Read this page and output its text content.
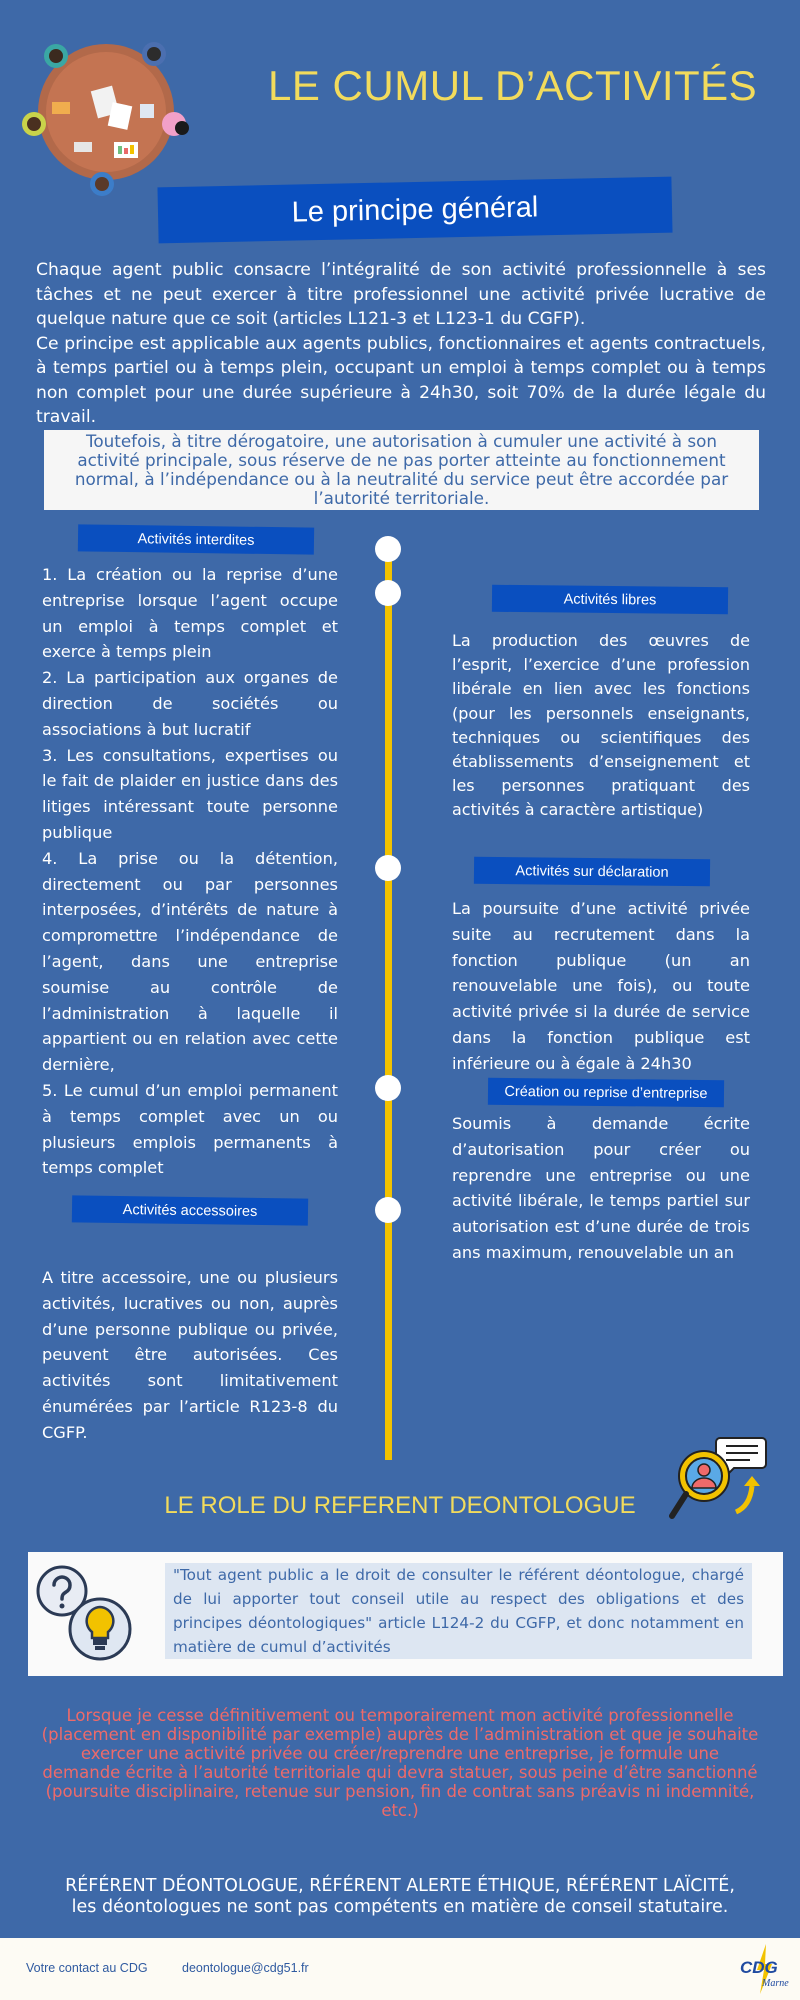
LE CUMUL D’ACTIVITÉS
Le principe général

Chaque agent public consacre l’intégralité de son activité professionnelle à ses tâches et ne peut exercer à titre professionnel une activité privée lucrative de quelque nature que ce soit (articles L121-3 et L123-1 du CGFP).

Ce principe est applicable aux agents publics, fonctionnaires et agents contractuels, à temps partiel ou à temps plein, occupant un emploi à temps complet ou à temps non complet pour une durée supérieure à 24h30, soit 70% de la durée légale du travail.

Toutefois, à titre dérogatoire, une autorisation à cumuler une activité à son activité principale, sous réserve de ne pas porter atteinte au fonctionnement normal, à l’indépendance ou à la neutralité du service peut être accordée par l’autorité territoriale.
Activités interdites

1. La création ou la reprise d’une entreprise lorsque l’agent occupe un emploi à temps complet et exerce à temps plein

2. La participation aux organes de direction de sociétés ou associations à but lucratif

3. Les consultations, expertises ou le fait de plaider en justice dans des litiges intéressant toute personne publique

4. La prise ou la détention, directement ou par personnes interposées, d’intérêts de nature à compromettre l’indépendance de l’agent, dans une entreprise soumise au contrôle de l’administration à laquelle il appartient ou en relation avec cette dernière,

5. Le cumul d’un emploi permanent à temps complet avec un ou plusieurs emplois permanents à temps complet

Activités accessoires
A titre accessoire, une ou plusieurs activités, lucratives ou non, auprès d’une personne publique ou privée, peuvent être autorisées. Ces activités sont limitativement énumérées par l’article R123-8 du CGFP.
Activités libres
La production des œuvres de l’esprit, l’exercice d’une profession libérale en lien avec les fonctions (pour les personnels enseignants, techniques ou scientifiques des établissements d’enseignement et les personnes pratiquant des activités à caractère artistique)
Activités sur déclaration
La poursuite d’une activité privée suite au recrutement dans la fonction publique (un an renouvelable une fois), ou toute activité privée si la durée de service dans la fonction publique est inférieure ou à égale à 24h30
Création ou reprise d’entreprise
Soumis à demande écrite d’autorisation pour créer ou reprendre une entreprise ou une activité libérale, le temps partiel sur autorisation est d’une durée de trois ans maximum, renouvelable un an
LE ROLE DU REFERENT DEONTOLOGUE
"Tout agent public a le droit de consulter le référent déontologue, chargé de lui apporter tout conseil utile au respect des obligations et des principes déontologiques" article L124-2 du CGFP, et donc notamment en matière de cumul d’activités
Lorsque je cesse définitivement ou temporairement mon activité professionnelle (placement en disponibilité par exemple) auprès de l’administration et que je souhaite exercer une activité privée ou créer/reprendre une entreprise, je formule une demande écrite à l’autorité territoriale qui devra statuer, sous peine d’être sanctionné (poursuite disciplinaire, retenue sur pension, fin de contrat sans préavis ni indemnité, etc.)
RÉFÉRENT DÉONTOLOGUE, RÉFÉRENT ALERTE ÉTHIQUE, RÉFÉRENT LAÏCITÉ,
les déontologues ne sont pas compétents en matière de conseil statutaire.
Votre contact au CDG	deontologue@cdg51.fr	CDG
Marne
